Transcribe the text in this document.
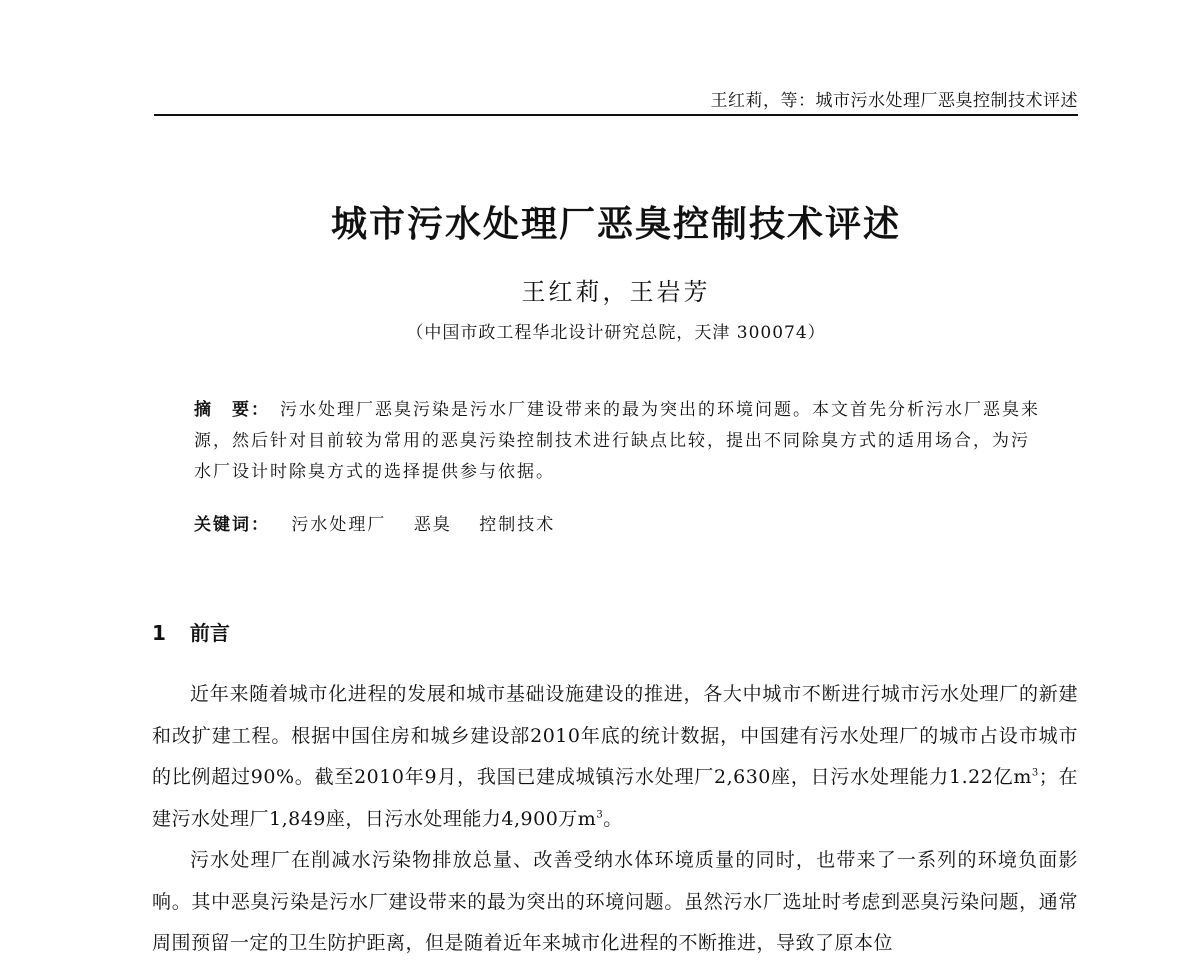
王红莉，等：城市污水处理厂恶臭控制技术评述
城市污水处理厂恶臭控制技术评述
王红莉，王岩芳
（中国市政工程华北设计研究总院，天津 300074）
摘　要： 污水处理厂恶臭污染是污水厂建设带来的最为突出的环境问题。本文首先分析污水厂恶臭来源，然后针对目前较为常用的恶臭污染控制技术进行缺点比较，提出不同除臭方式的适用场合，为污水厂设计时除臭方式的选择提供参与依据。
关键词： 污水处理厂 恶臭 控制技术
1 前言

近年来随着城市化进程的发展和城市基础设施建设的推进，各大中城市不断进行城市污水处理厂的新建和改扩建工程。根据中国住房和城乡建设部2010年底的统计数据，中国建有污水处理厂的城市占设市城市的比例超过90%。截至2010年9月，我国已建成城镇污水处理厂2,630座，日污水处理能力1.22亿$m^3$；在建污水处理厂1,849座，日污水处理能力4,900万$m^3$。

污水处理厂在削减水污染物排放总量、改善受纳水体环境质量的同时，也带来了一系列的环境负面影响。其中恶臭污染是污水厂建设带来的最为突出的环境问题。虽然污水厂选址时考虑到恶臭污染问题，通常周围预留一定的卫生防护距离，但是随着近年来城市化进程的不断推进，导致了原本位
